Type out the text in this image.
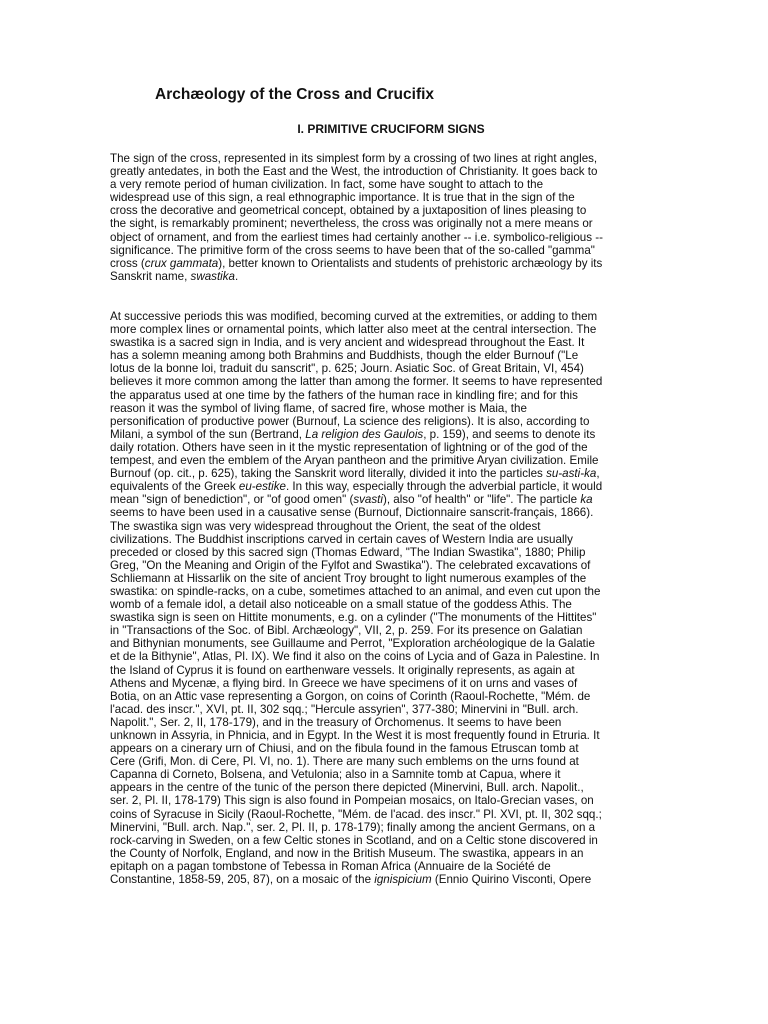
Archæology of the Cross and Crucifix
I. PRIMITIVE CRUCIFORM SIGNS
The sign of the cross, represented in its simplest form by a crossing of two lines at right angles,
greatly antedates, in both the East and the West, the introduction of Christianity. It goes back to
a very remote period of human civilization. In fact, some have sought to attach to the
widespread use of this sign, a real ethnographic importance. It is true that in the sign of the
cross the decorative and geometrical concept, obtained by a juxtaposition of lines pleasing to
the sight, is remarkably prominent; nevertheless, the cross was originally not a mere means or
object of ornament, and from the earliest times had certainly another -- i.e. symbolico-religious --
significance. The primitive form of the cross seems to have been that of the so-called "gamma"
cross (crux gammata), better known to Orientalists and students of prehistoric archæology by its
Sanskrit name, swastika.
At successive periods this was modified, becoming curved at the extremities, or adding to them
more complex lines or ornamental points, which latter also meet at the central intersection. The
swastika is a sacred sign in India, and is very ancient and widespread throughout the East. It
has a solemn meaning among both Brahmins and Buddhists, though the elder Burnouf ("Le
lotus de la bonne loi, traduit du sanscrit", p. 625; Journ. Asiatic Soc. of Great Britain, VI, 454)
believes it more common among the latter than among the former. It seems to have represented
the apparatus used at one time by the fathers of the human race in kindling fire; and for this
reason it was the symbol of living flame, of sacred fire, whose mother is Maia, the
personification of productive power (Burnouf, La science des religions). It is also, according to
Milani, a symbol of the sun (Bertrand, La religion des Gaulois, p. 159), and seems to denote its
daily rotation. Others have seen in it the mystic representation of lightning or of the god of the
tempest, and even the emblem of the Aryan pantheon and the primitive Aryan civilization. Emile
Burnouf (op. cit., p. 625), taking the Sanskrit word literally, divided it into the particles su-asti-ka,
equivalents of the Greek eu-estike. In this way, especially through the adverbial particle, it would
mean "sign of benediction", or "of good omen" (svasti), also "of health" or "life". The particle ka
seems to have been used in a causative sense (Burnouf, Dictionnaire sanscrit-français, 1866).
The swastika sign was very widespread throughout the Orient, the seat of the oldest
civilizations. The Buddhist inscriptions carved in certain caves of Western India are usually
preceded or closed by this sacred sign (Thomas Edward, "The Indian Swastika", 1880; Philip
Greg, "On the Meaning and Origin of the Fylfot and Swastika"). The celebrated excavations of
Schliemann at Hissarlik on the site of ancient Troy brought to light numerous examples of the
swastika: on spindle-racks, on a cube, sometimes attached to an animal, and even cut upon the
womb of a female idol, a detail also noticeable on a small statue of the goddess Athis. The
swastika sign is seen on Hittite monuments, e.g. on a cylinder ("The monuments of the Hittites"
in "Transactions of the Soc. of Bibl. Archæology", VII, 2, p. 259. For its presence on Galatian
and Bithynian monuments, see Guillaume and Perrot, "Exploration archéologique de la Galatie
et de la Bithynie", Atlas, Pl. IX). We find it also on the coins of Lycia and of Gaza in Palestine. In
the Island of Cyprus it is found on earthenware vessels. It originally represents, as again at
Athens and Mycenæ, a flying bird. In Greece we have specimens of it on urns and vases of
Botia, on an Attic vase representing a Gorgon, on coins of Corinth (Raoul-Rochette, "Mém. de
l'acad. des inscr.", XVI, pt. II, 302 sqq.; "Hercule assyrien", 377-380; Minervini in "Bull. arch.
Napolit.", Ser. 2, II, 178-179), and in the treasury of Orchomenus. It seems to have been
unknown in Assyria, in Phnicia, and in Egypt. In the West it is most frequently found in Etruria. It
appears on a cinerary urn of Chiusi, and on the fibula found in the famous Etruscan tomb at
Cere (Grifi, Mon. di Cere, Pl. VI, no. 1). There are many such emblems on the urns found at
Capanna di Corneto, Bolsena, and Vetulonia; also in a Samnite tomb at Capua, where it
appears in the centre of the tunic of the person there depicted (Minervini, Bull. arch. Napolit.,
ser. 2, Pl. II, 178-179) This sign is also found in Pompeian mosaics, on Italo-Grecian vases, on
coins of Syracuse in Sicily (Raoul-Rochette, "Mém. de l'acad. des inscr." Pl. XVI, pt. II, 302 sqq.;
Minervini, "Bull. arch. Nap.", ser. 2, Pl. II, p. 178-179); finally among the ancient Germans, on a
rock-carving in Sweden, on a few Celtic stones in Scotland, and on a Celtic stone discovered in
the County of Norfolk, England, and now in the British Museum. The swastika, appears in an
epitaph on a pagan tombstone of Tebessa in Roman Africa (Annuaire de la Société de
Constantine, 1858-59, 205, 87), on a mosaic of the ignispicium (Ennio Quirino Visconti, Opere
